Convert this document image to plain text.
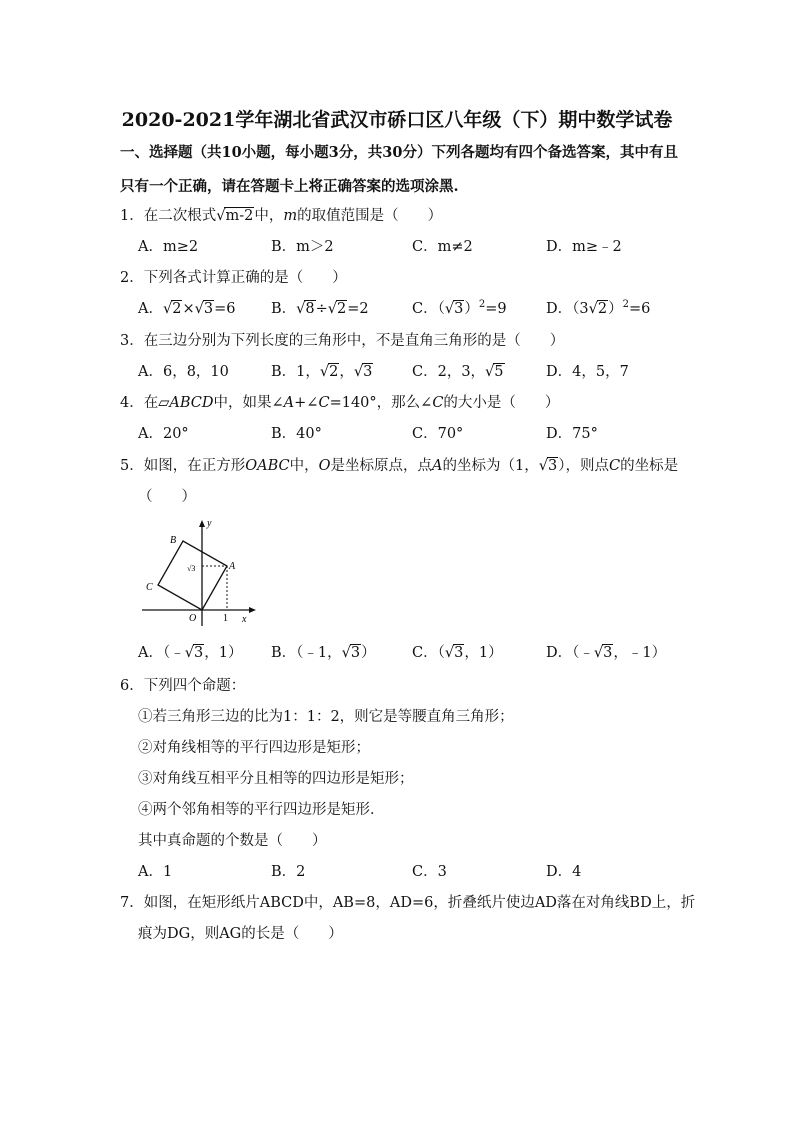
2020-2021学年湖北省武汉市硚口区八年级（下）期中数学试卷
一、选择题（共10小题，每小题3分，共30分）下列各题均有四个备选答案，其中有且
只有一个正确，请在答题卡上将正确答案的选项涂黑.
1．在二次根式√m-2中，m的取值范围是（　　）
A．m≥2	B．m＞2	C．m≠2	D．m≥﹣2
2．下列各式计算正确的是（　　）
A．√2×√3=6 B．√8÷√2=2	C．$(√3)^2=9$	D．$(3√2)^2=6$
3．在三边分别为下列长度的三角形中，不是直角三角形的是（　　）
A．6，8，10	B．1，√2，√3	C．2，3，√5	D．4，5，7
4．在▱ABCD中，如果∠A+∠C=140°，那么∠C的大小是（　　）
A．20°	B．40°	C．70°	D．75°
5．如图，在正方形OABC中，O是坐标原点，点A的坐标为（1，√3），则点C的坐标是
（　　）
y
B
√3	A
C
O	1 x
A．（﹣√3，1） B．（﹣1，√3）	C．（√3，1）	D．（﹣√3，﹣1）
6．下列四个命题：
①若三角形三边的比为1：1：2，则它是等腰直角三角形；
②对角线相等的平行四边形是矩形；
③对角线互相平分且相等的四边形是矩形；
④两个邻角相等的平行四边形是矩形．
其中真命题的个数是（　　）
A．1	B．2	C．3	D．4
7．如图，在矩形纸片ABCD中，AB=8，AD=6，折叠纸片使边AD落在对角线BD上，折
痕为DG，则AG的长是（　　）
